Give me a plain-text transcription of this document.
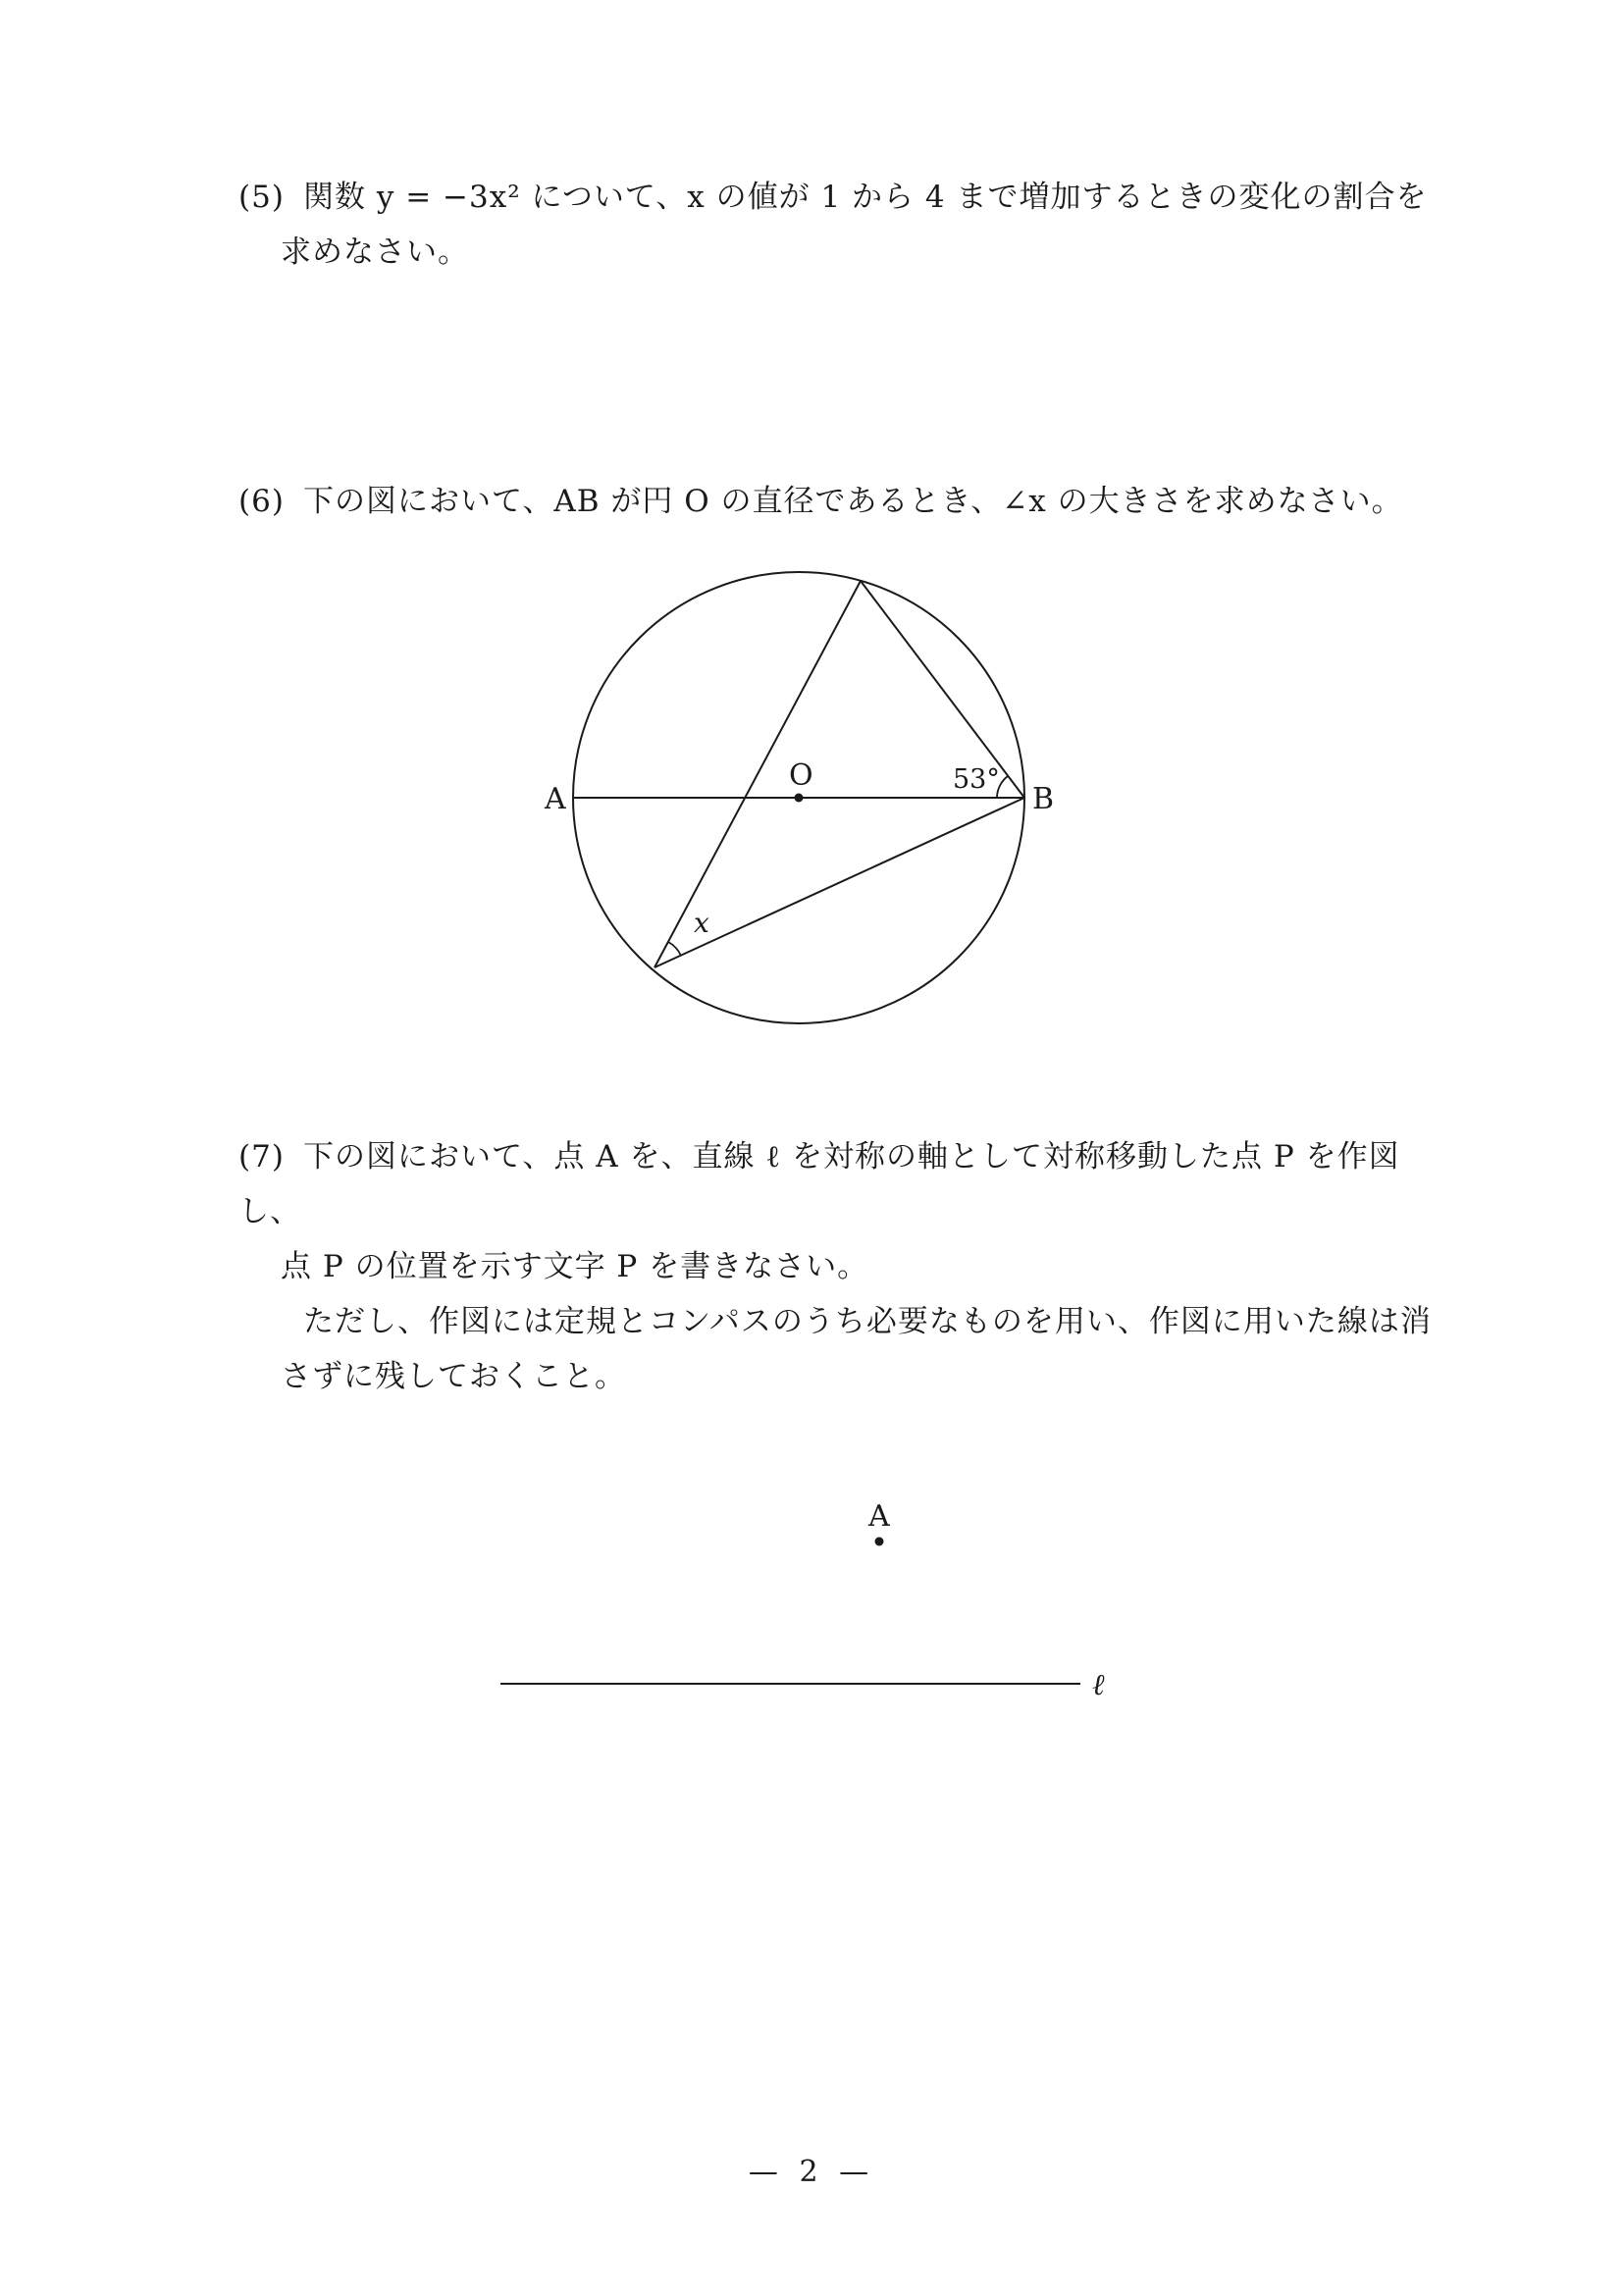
(5) 関数 y = −3x² について、x の値が 1 から 4 まで増加するときの変化の割合を
求めなさい。
(6) 下の図において、AB が円 O の直径であるとき、∠x の大きさを求めなさい。
A	B
O	53°
x
(7) 下の図において、点 A を、直線 ℓ を対称の軸として対称移動した点 P を作図し、
点 P の位置を示す文字 P を書きなさい。
ただし、作図には定規とコンパスのうち必要なものを用い、作図に用いた線は消
さずに残しておくこと。
A
ℓ
— 2 —
